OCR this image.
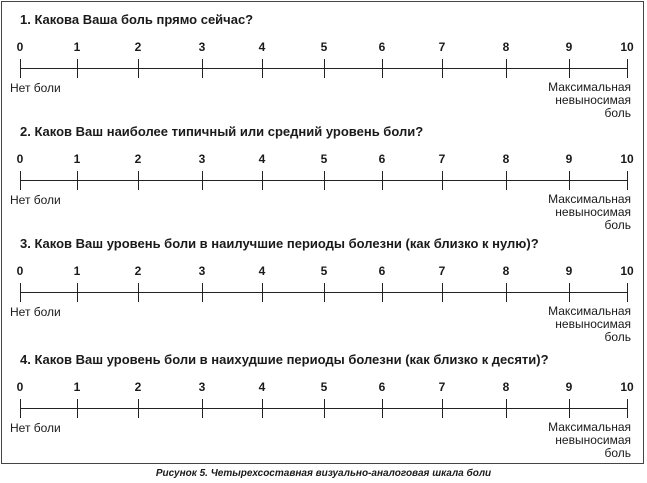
1. Какова Ваша боль прямо сейчас?
0	1	2	3	4	5	6	7	8	9	10
Нет боли	Максимальная
невыносимая
боль
2. Каков Ваш наиболее типичный или средний уровень боли?
0	1	2	3	4	5	6	7	8	9	10
Нет боли	Максимальная
невыносимая
боль
3. Каков Ваш уровень боли в наилучшие периоды болезни (как близко к нулю)?
0	1	2	3	4	5	6	7	8	9	10
Нет боли	Максимальная
невыносимая
боль
4. Каков Ваш уровень боли в наихудшие периоды болезни (как близко к десяти)?
0	1	2	3	4	5	6	7	8	9	10
Нет боли	Максимальная
невыносимая
боль
Рисунок 5. Четырехсоставная визуально-аналоговая шкала боли
